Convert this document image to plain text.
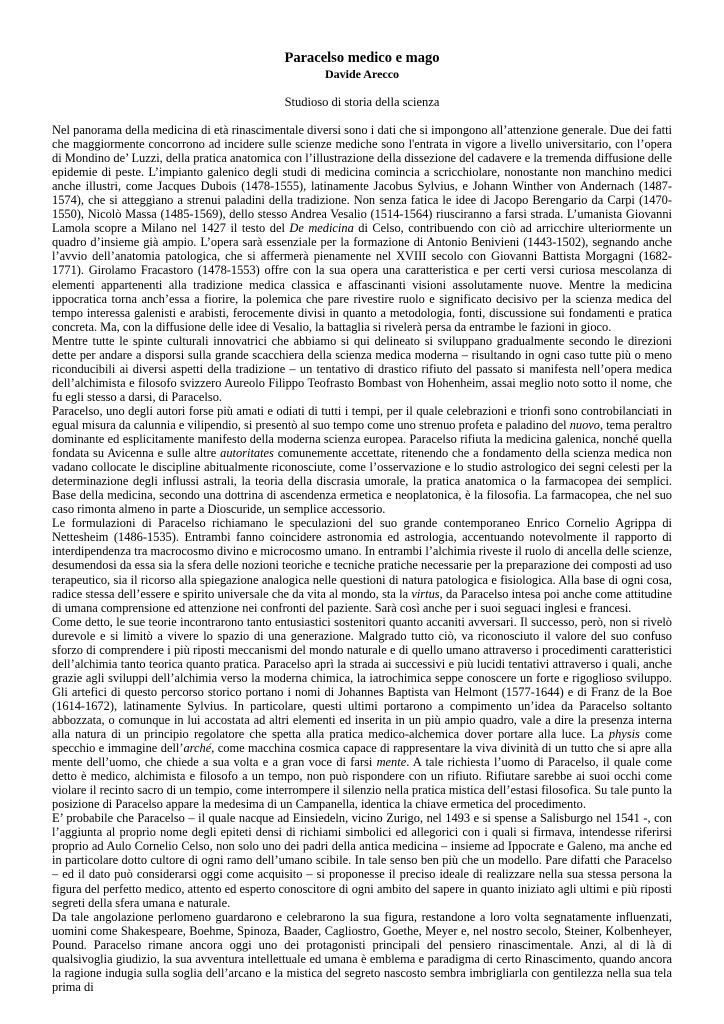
Paracelso medico e mago
Davide Arecco
Studioso di storia della scienza

Nel panorama della medicina di età rinascimentale diversi sono i dati che si impongono all’attenzione generale. Due dei fatti che maggiormente concorrono ad incidere sulle scienze mediche sono l'entrata in vigore a livello universitario, con l’opera di Mondino de’ Luzzi, della pratica anatomica con l’illustrazione della dissezione del cadavere e la tremenda diffusione delle epidemie di peste. L’impianto galenico degli studi di medicina comincia a scricchiolare, nonostante non manchino medici anche illustri, come Jacques Dubois (1478-1555), latinamente Jacobus Sylvius, e Johann Winther von Andernach (1487-1574), che si atteggiano a strenui paladini della tradizione. Non senza fatica le idee di Jacopo Berengario da Carpi (1470-1550), Nicolò Massa (1485-1569), dello stesso Andrea Vesalio (1514-1564) riusciranno a farsi strada. L’umanista Giovanni Lamola scopre a Milano nel 1427 il testo del De medicina di Celso, contribuendo con ciò ad arricchire ulteriormente un quadro d’insieme già ampio. L’opera sarà essenziale per la formazione di Antonio Benivieni (1443-1502), segnando anche l’avvio dell’anatomia patologica, che si affermerà pienamente nel XVIII secolo con Giovanni Battista Morgagni (1682-1771). Girolamo Fracastoro (1478-1553) offre con la sua opera una caratteristica e per certi versi curiosa mescolanza di elementi appartenenti alla tradizione medica classica e affascinanti visioni assolutamente nuove. Mentre la medicina ippocratica torna anch’essa a fiorire, la polemica che pare rivestire ruolo e significato decisivo per la scienza medica del tempo interessa galenisti e arabisti, ferocemente divisi in quanto a metodologia, fonti, discussione sui fondamenti e pratica concreta. Ma, con la diffusione delle idee di Vesalio, la battaglia si rivelerà persa da entrambe le fazioni in gioco.

Mentre tutte le spinte culturali innovatrici che abbiamo si qui delineato si sviluppano gradualmente secondo le direzioni dette per andare a disporsi sulla grande scacchiera della scienza medica moderna – risultando in ogni caso tutte più o meno riconducibili ai diversi aspetti della tradizione – un tentativo di drastico rifiuto del passato si manifesta nell’opera medica dell’alchimista e filosofo svizzero Aureolo Filippo Teofrasto Bombast von Hohenheim, assai meglio noto sotto il nome, che fu egli stesso a darsi, di Paracelso.

Paracelso, uno degli autori forse più amati e odiati di tutti i tempi, per il quale celebrazioni e trionfi sono controbilanciati in egual misura da calunnia e vilipendio, si presentò al suo tempo come uno strenuo profeta e paladino del nuovo, tema peraltro dominante ed esplicitamente manifesto della moderna scienza europea. Paracelso rifiuta la medicina galenica, nonché quella fondata su Avicenna e sulle altre autoritates comunemente accettate, ritenendo che a fondamento della scienza medica non vadano collocate le discipline abitualmente riconosciute, come l’osservazione e lo studio astrologico dei segni celesti per la determinazione degli influssi astrali, la teoria della discrasia umorale, la pratica anatomica o la farmacopea dei semplici. Base della medicina, secondo una dottrina di ascendenza ermetica e neoplatonica, è la filosofia. La farmacopea, che nel suo caso rimonta almeno in parte a Dioscuride, un semplice accessorio.

Le formulazioni di Paracelso richiamano le speculazioni del suo grande contemporaneo Enrico Cornelio Agrippa di Nettesheim (1486-1535). Entrambi fanno coincidere astronomia ed astrologia, accentuando notevolmente il rapporto di interdipendenza tra macrocosmo divino e microcosmo umano. In entrambi l’alchimia riveste il ruolo di ancella delle scienze, desumendosi da essa sia la sfera delle nozioni teoriche e tecniche pratiche necessarie per la preparazione dei composti ad uso terapeutico, sia il ricorso alla spiegazione analogica nelle questioni di natura patologica e fisiologica. Alla base di ogni cosa, radice stessa dell’essere e spirito universale che da vita al mondo, sta la virtus, da Paracelso intesa poi anche come attitudine di umana comprensione ed attenzione nei confronti del paziente. Sarà così anche per i suoi seguaci inglesi e francesi.

Come detto, le sue teorie incontrarono tanto entusiastici sostenitori quanto accaniti avversari. Il successo, però, non si rivelò durevole e si limitò a vivere lo spazio di una generazione. Malgrado tutto ciò, va riconosciuto il valore del suo confuso sforzo di comprendere i più riposti meccanismi del mondo naturale e di quello umano attraverso i procedimenti caratteristici dell’alchimia tanto teorica quanto pratica. Paracelso aprì la strada ai successivi e più lucidi tentativi attraverso i quali, anche grazie agli sviluppi dell’alchimia verso la moderna chimica, la iatrochimica seppe conoscere un forte e rigoglioso sviluppo. Gli artefici di questo percorso storico portano i nomi di Johannes Baptista van Helmont (1577-1644) e di Franz de la Boe (1614-1672), latinamente Sylvius. In particolare, questi ultimi portarono a compimento un’idea da Paracelso soltanto abbozzata, o comunque in lui accostata ad altri elementi ed inserita in un più ampio quadro, vale a dire la presenza interna alla natura di un principio regolatore che spetta alla pratica medico-alchemica dover portare alla luce. La physis come specchio e immagine dell’arché, come macchina cosmica capace di rappresentare la viva divinità di un tutto che si apre alla mente dell’uomo, che chiede a sua volta e a gran voce di farsi mente. A tale richiesta l’uomo di Paracelso, il quale come detto è medico, alchimista e filosofo a un tempo, non può rispondere con un rifiuto. Rifiutare sarebbe ai suoi occhi come violare il recinto sacro di un tempio, come interrompere il silenzio nella pratica mistica dell’estasi filosofica. Su tale punto la posizione di Paracelso appare la medesima di un Campanella, identica la chiave ermetica del procedimento.

E’ probabile che Paracelso – il quale nacque ad Einsiedeln, vicino Zurigo, nel 1493 e si spense a Salisburgo nel 1541 -, con l’aggiunta al proprio nome degli epiteti densi di richiami simbolici ed allegorici con i quali si firmava, intendesse riferirsi proprio ad Aulo Cornelio Celso, non solo uno dei padri della antica medicina – insieme ad Ippocrate e Galeno, ma anche ed in particolare dotto cultore di ogni ramo dell’umano scibile. In tale senso ben più che un modello. Pare difatti che Paracelso – ed il dato può considerarsi oggi come acquisito – si proponesse il preciso ideale di realizzare nella sua stessa persona la figura del perfetto medico, attento ed esperto conoscitore di ogni ambito del sapere in quanto iniziato agli ultimi e più riposti segreti della sfera umana e naturale.

Da tale angolazione perlomeno guardarono e celebrarono la sua figura, restandone a loro volta segnatamente influenzati, uomini come Shakespeare, Boehme, Spinoza, Baader, Cagliostro, Goethe, Meyer e, nel nostro secolo, Steiner, Kolbenheyer, Pound. Paracelso rimane ancora oggi uno dei protagonisti principali del pensiero rinascimentale. Anzi, al di là di qualsivoglia giudizio, la sua avventura intellettuale ed umana è emblema e paradigma di certo Rinascimento, quando ancora la ragione indugia sulla soglia dell’arcano e la mistica del segreto nascosto sembra imbrigliarla con gentilezza nella sua tela prima di
